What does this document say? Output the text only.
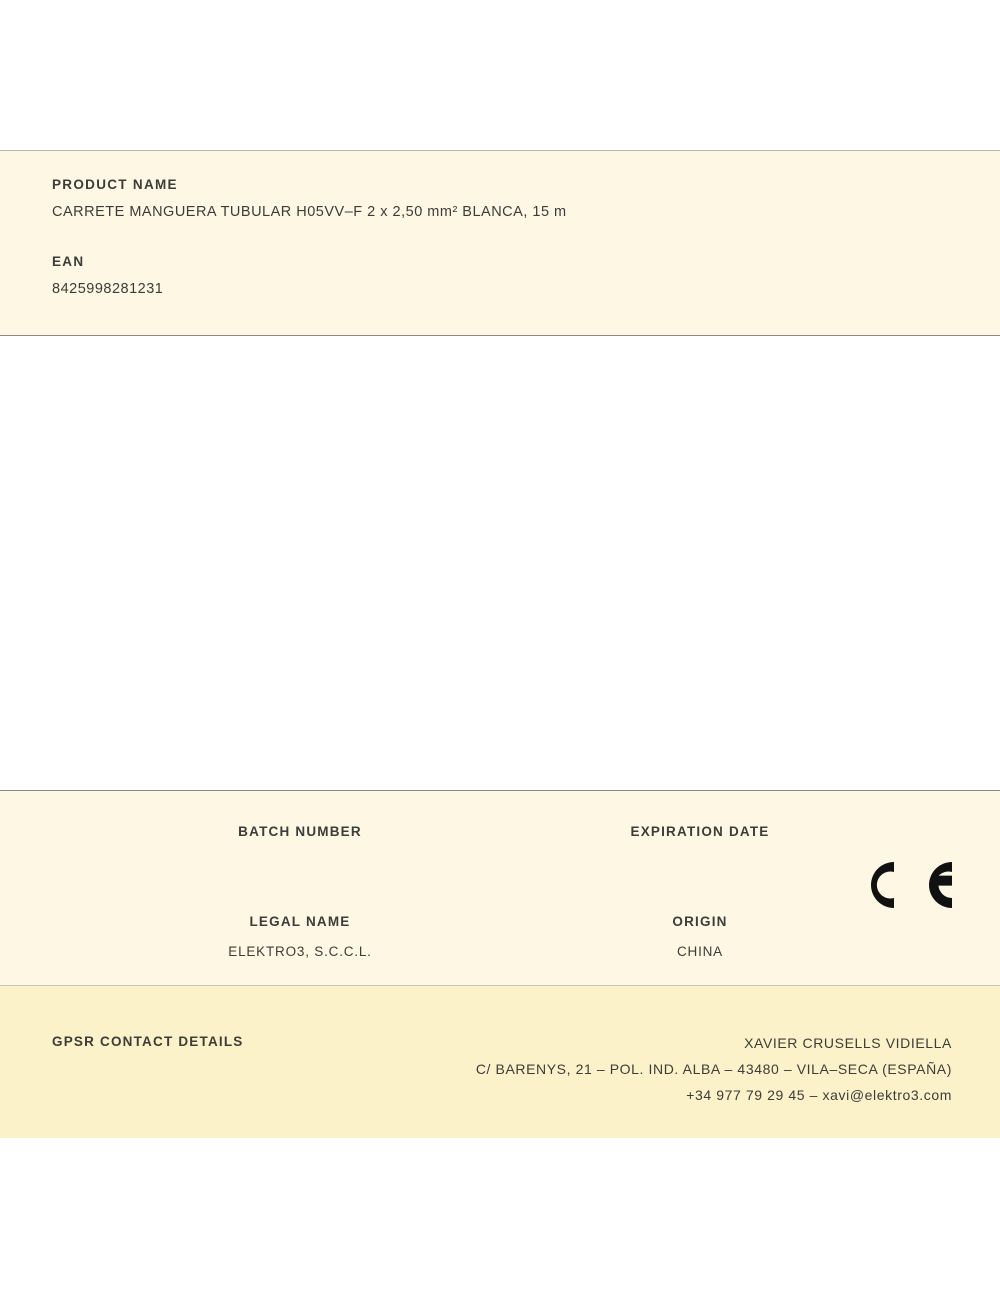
PRODUCT NAME
CARRETE MANGUERA TUBULAR H05VV–F 2 x 2,50 mm² BLANCA, 15 m
EAN
8425998281231
BATCH NUMBER	EXPIRATION DATE
LEGAL NAME
ELEKTRO3, S.C.C.L.
ORIGIN
CHINA
GPSR CONTACT DETAILS	XAVIER CRUSELLS VIDIELLA
C/ BARENYS, 21 – POL. IND. ALBA – 43480 – VILA–SECA (ESPAÑA)
+34 977 79 29 45 – xavi@elektro3.com
